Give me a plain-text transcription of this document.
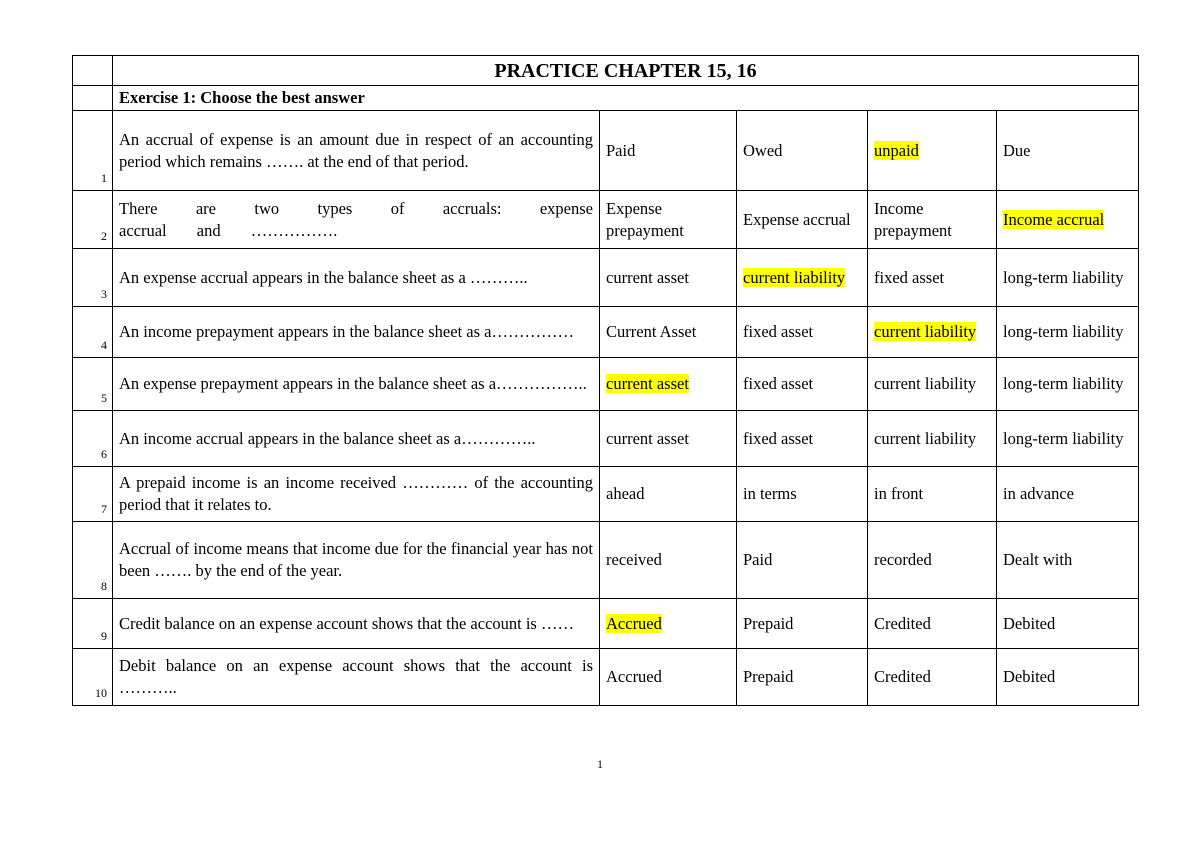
	PRACTICE CHAPTER 15, 16				
	Exercise 1: Choose the best answer				
1	An accrual of expense is an amount due in respect of an accounting period which remains ……. at the end of that period.	Paid	Owed	unpaid	Due
2	There are two types of accruals: expense accrual and …………….	Expense prepayment	Expense accrual	Income prepayment	Income accrual
3	An expense accrual appears in the balance sheet as a ………..	current asset	current liability	fixed asset	long-term liability
4	An income prepayment appears in the balance sheet as a……………	Current Asset	fixed asset	current liability	long-term liability
5	An expense prepayment appears in the balance sheet as a……………..	current asset	fixed asset	current liability	long-term liability
6	An income accrual appears in the balance sheet as a…………..	current asset	fixed asset	current liability	long-term liability
7	A prepaid income is an income received ………… of the accounting period that it relates to.	ahead	in terms	in front	in advance
8	Accrual of income means that income due for the financial year has not been ……. by the end of the year.	received	Paid	recorded	Dealt with
9	Credit balance on an expense account shows that the account is ……	Accrued	Prepaid	Credited	Debited
10	Debit balance on an expense account shows that the account is ………..	Accrued	Prepaid	Credited	Debited
1
